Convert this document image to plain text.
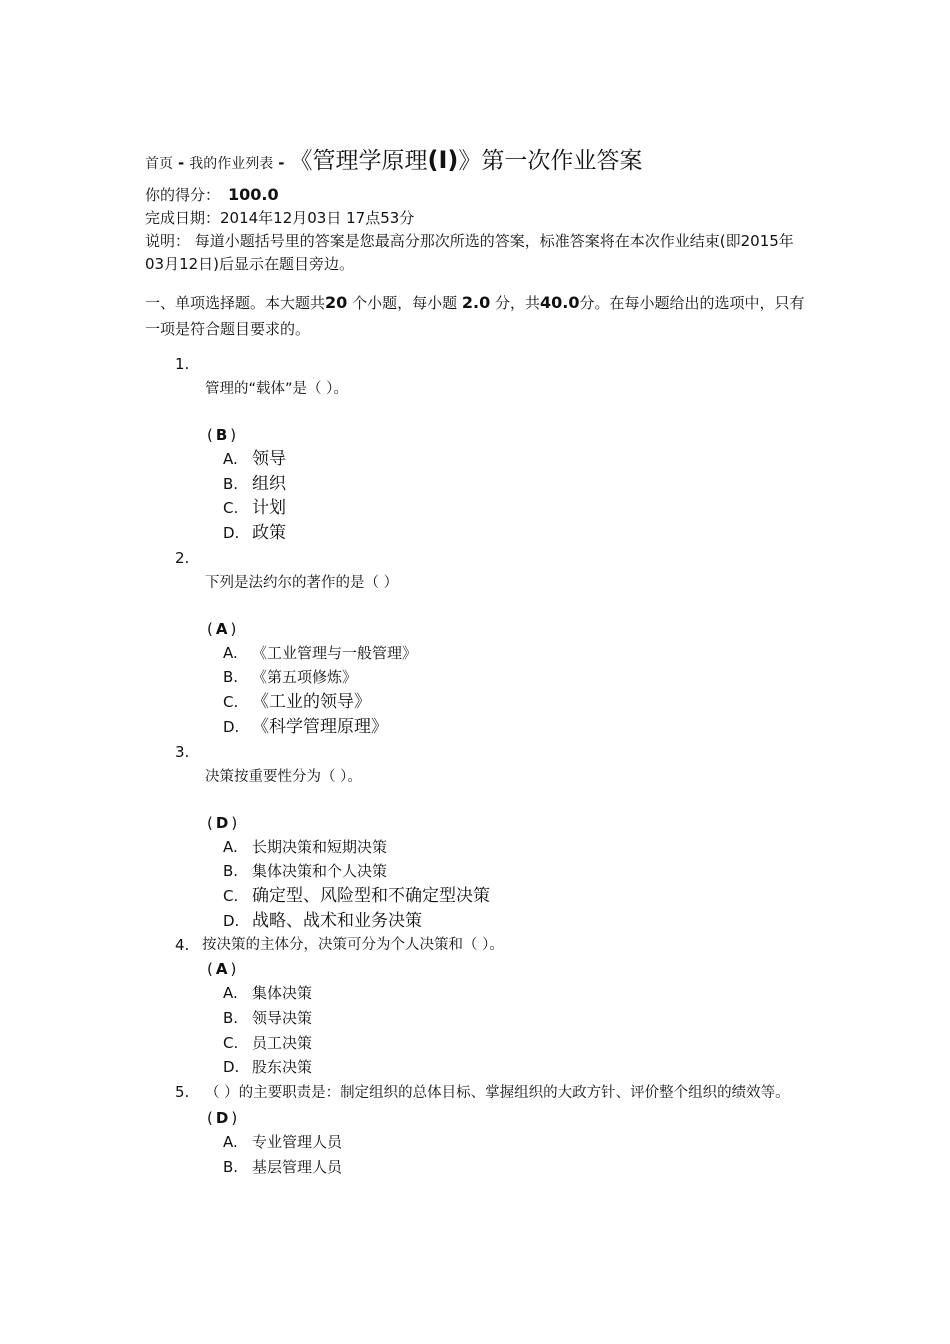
首页 - 我的作业列表 - 《管理学原理(Ⅰ)》第一次作业答案
你的得分： 100.0
完成日期：2014年12月03日 17点53分
说明： 每道小题括号里的答案是您最高分那次所选的答案，标准答案将在本次作业结束(即2015年03月12日)后显示在题目旁边。
一、单项选择题。本大题共20 个小题，每小题 2.0 分，共40.0分。在每小题给出的选项中，只有一项是符合题目要求的。
1.
管理的“载体”是（ ）。
( B )
A. 领导
B. 组织
C. 计划
D. 政策
2.
下列是法约尔的著作的是（ ）
( A )
A. 《工业管理与一般管理》
B. 《第五项修炼》
C. 《工业的领导》
D. 《科学管理原理》
3.
决策按重要性分为（ ）。
( D )
A. 长期决策和短期决策
B. 集体决策和个人决策
C. 确定型、风险型和不确定型决策
D. 战略、战术和业务决策
4. 按决策的主体分，决策可分为个人决策和（ ）。
( A )
A. 集体决策
B. 领导决策
C. 员工决策
D. 股东决策
5.	（ ）的主要职责是：制定组织的总体目标、掌握组织的大政方针、评价整个组织的绩效等。
( D )
A. 专业管理人员
B. 基层管理人员
